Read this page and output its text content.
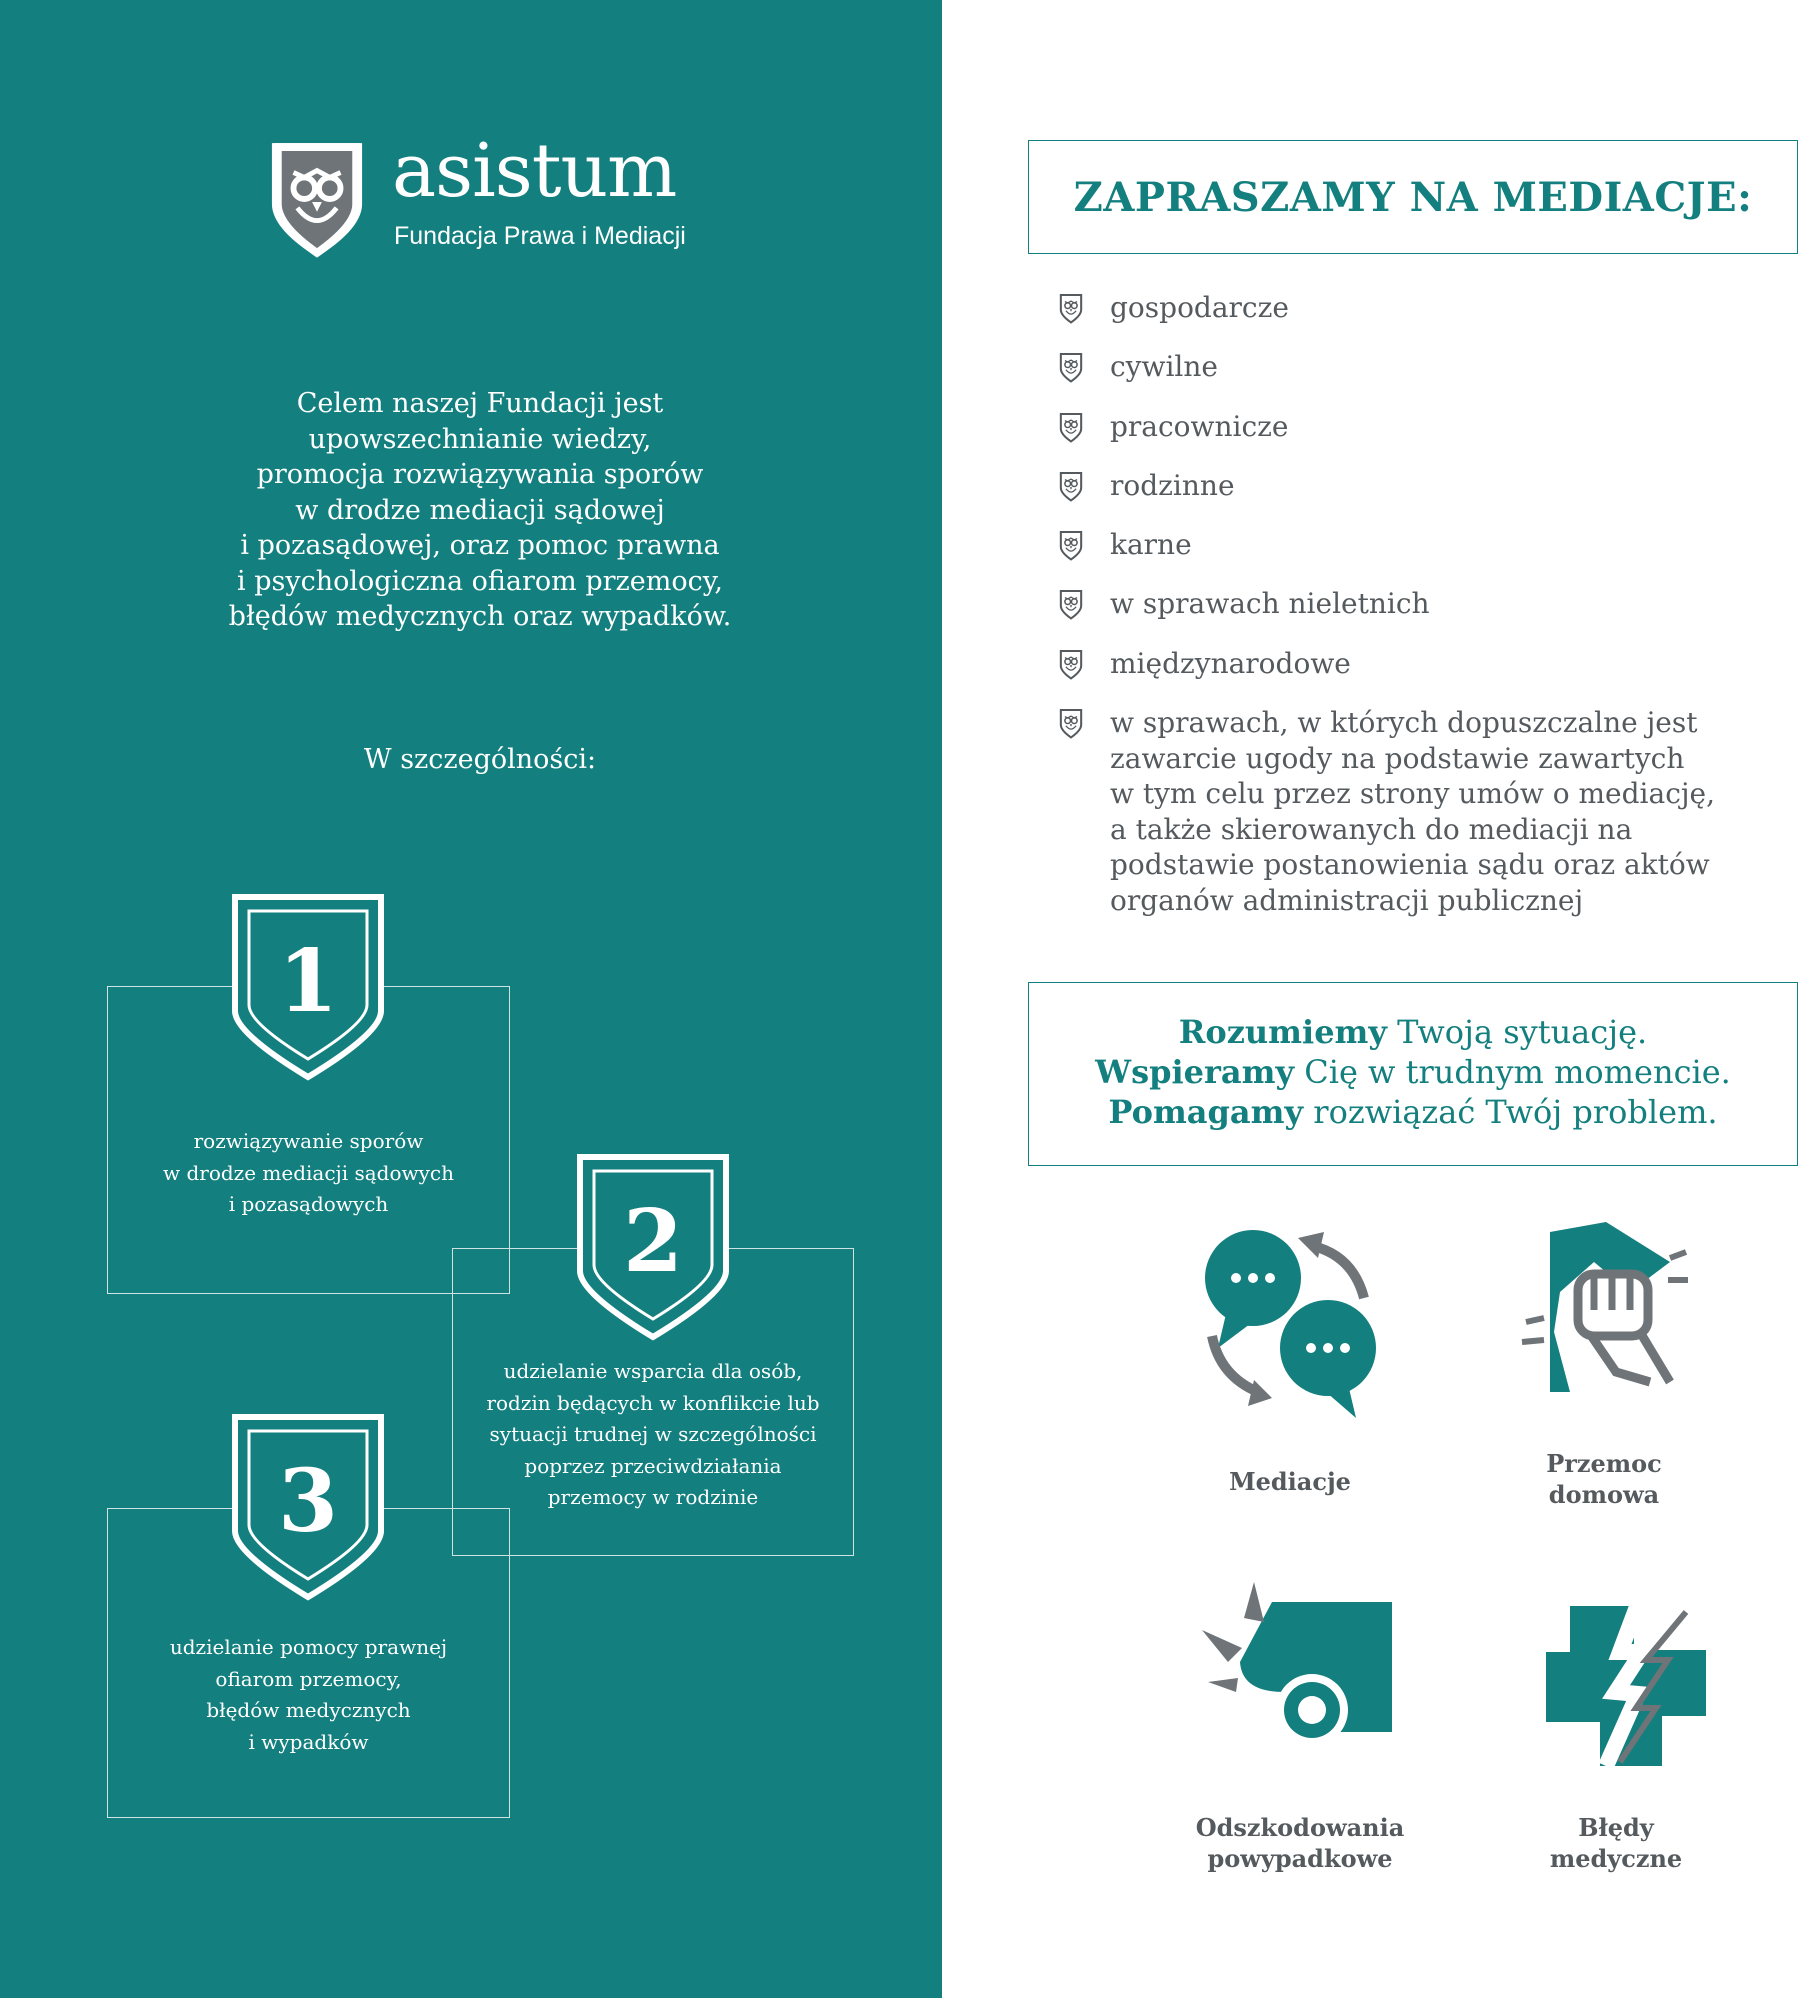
asistum
Fundacja Prawa i Mediacji
Celem naszej Fundacji jest
upowszechnianie wiedzy,
promocja rozwiązywania sporów
w drodze mediacji sądowej
i pozasądowej, oraz pomoc prawna
i psychologiczna ofiarom przemocy,
błędów medycznych oraz wypadków.
W szczególności:
1
2
3
rozwiązywanie sporów
w drodze mediacji sądowych
i pozasądowych
udzielanie wsparcia dla osób,
rodzin będących w konflikcie lub
sytuacji trudnej w szczególności
poprzez przeciwdziałania
przemocy w rodzinie
udzielanie pomocy prawnej
ofiarom przemocy,
błędów medycznych
i wypadków
ZAPRASZAMY NA MEDIACJE:
gospodarcze
cywilne
pracownicze
rodzinne
karne
w sprawach nieletnich
międzynarodowe
w sprawach, w których dopuszczalne jest
zawarcie ugody na podstawie zawartych
w tym celu przez strony umów o mediację,
a także skierowanych do mediacji na
podstawie postanowienia sądu oraz aktów
organów administracji publicznej
Rozumiemy Twoją sytuację.
Wspieramy Cię w trudnym momencie.
Pomagamy rozwiązać Twój problem.
Mediacje
Przemoc
domowa
Odszkodowania
powypadkowe
Błędy
medyczne
